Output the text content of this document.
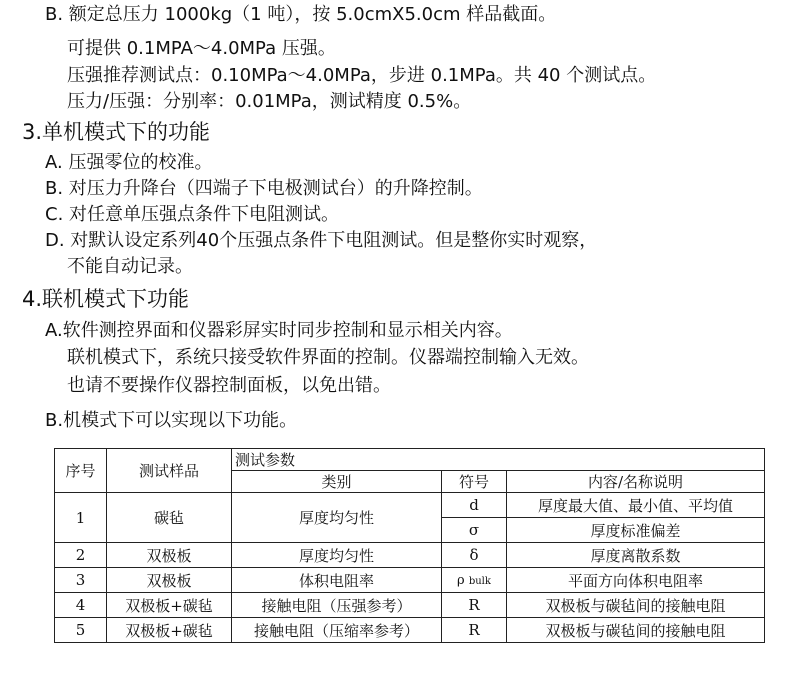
B. 额定总压力 1000kg（1 吨），按 5.0cmX5.0cm 样品截面。
可提供 0.1MPA～4.0MPa 压强。
压强推荐测试点：0.10MPa～4.0MPa，步进 0.1MPa。共 40 个测试点。
压力/压强：分别率：0.01MPa，测试精度 0.5%。
3.单机模式下的功能
A. 压强零位的校准。
B. 对压力升降台（四端子下电极测试台）的升降控制。
C. 对任意单压强点条件下电阻测试。
D. 对默认设定系列40个压强点条件下电阻测试。但是整你实时观察，
不能自动记录。
4.联机模式下功能
A.软件测控界面和仪器彩屏实时同步控制和显示相关内容。
联机模式下，系统只接受软件界面的控制。仪器端控制输入无效。
也请不要操作仪器控制面板，以免出错。
B.机模式下可以实现以下功能。
序号	测试样品	测试参数		
		类别	符号	内容/名称说明
1	碳毡	厚度均匀性	d	厚度最大值、最小值、平均值
			σ	厚度标准偏差
2	双极板	厚度均匀性	δ	厚度离散系数
3	双极板	体积电阻率	ρ bulk	平面方向体积电阻率
4	双极板+碳毡	接触电阻（压强参考）	R	双极板与碳毡间的接触电阻
5	双极板+碳毡	接触电阻（压缩率参考）	R	双极板与碳毡间的接触电阻
